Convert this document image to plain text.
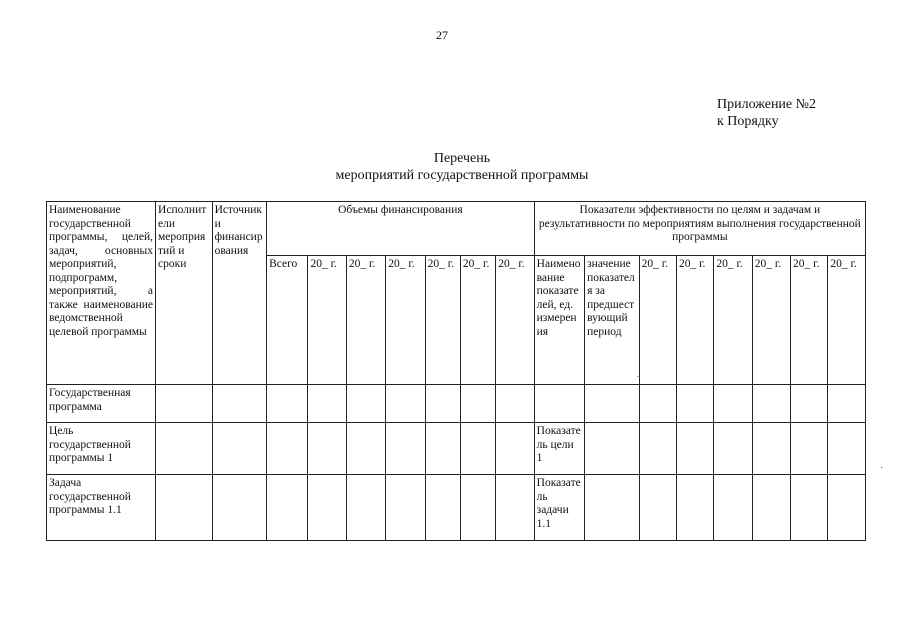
27
Приложение №2
к Порядку
Перечень
мероприятий государственной программы
Наименование государственной программы, целей, задач, основных мероприятий, подпрограмм, мероприятий, а также наименование ведомственной целевой программы	Исполнители мероприятий и сроки	Источники финансирования	Объемы финансирования							Показатели эффективности по целям и задачам и результативности по мероприятиям выполнения государственной программы							
			Всего	20_ г.	20_ г.	20_ г.	20_ г.	20_ г.	20_ г.	Наименование показателей, ед. измерения	значение показателя за предшествующий период	20_ г.	20_ г.	20_ г.	20_ г.	20_ г.	20_ г.
Государственная программа																	
Цель государственной программы 1										Показатель цели 1							
Задача государственной программы 1.1										Показатель задачи 1.1							
·
·
